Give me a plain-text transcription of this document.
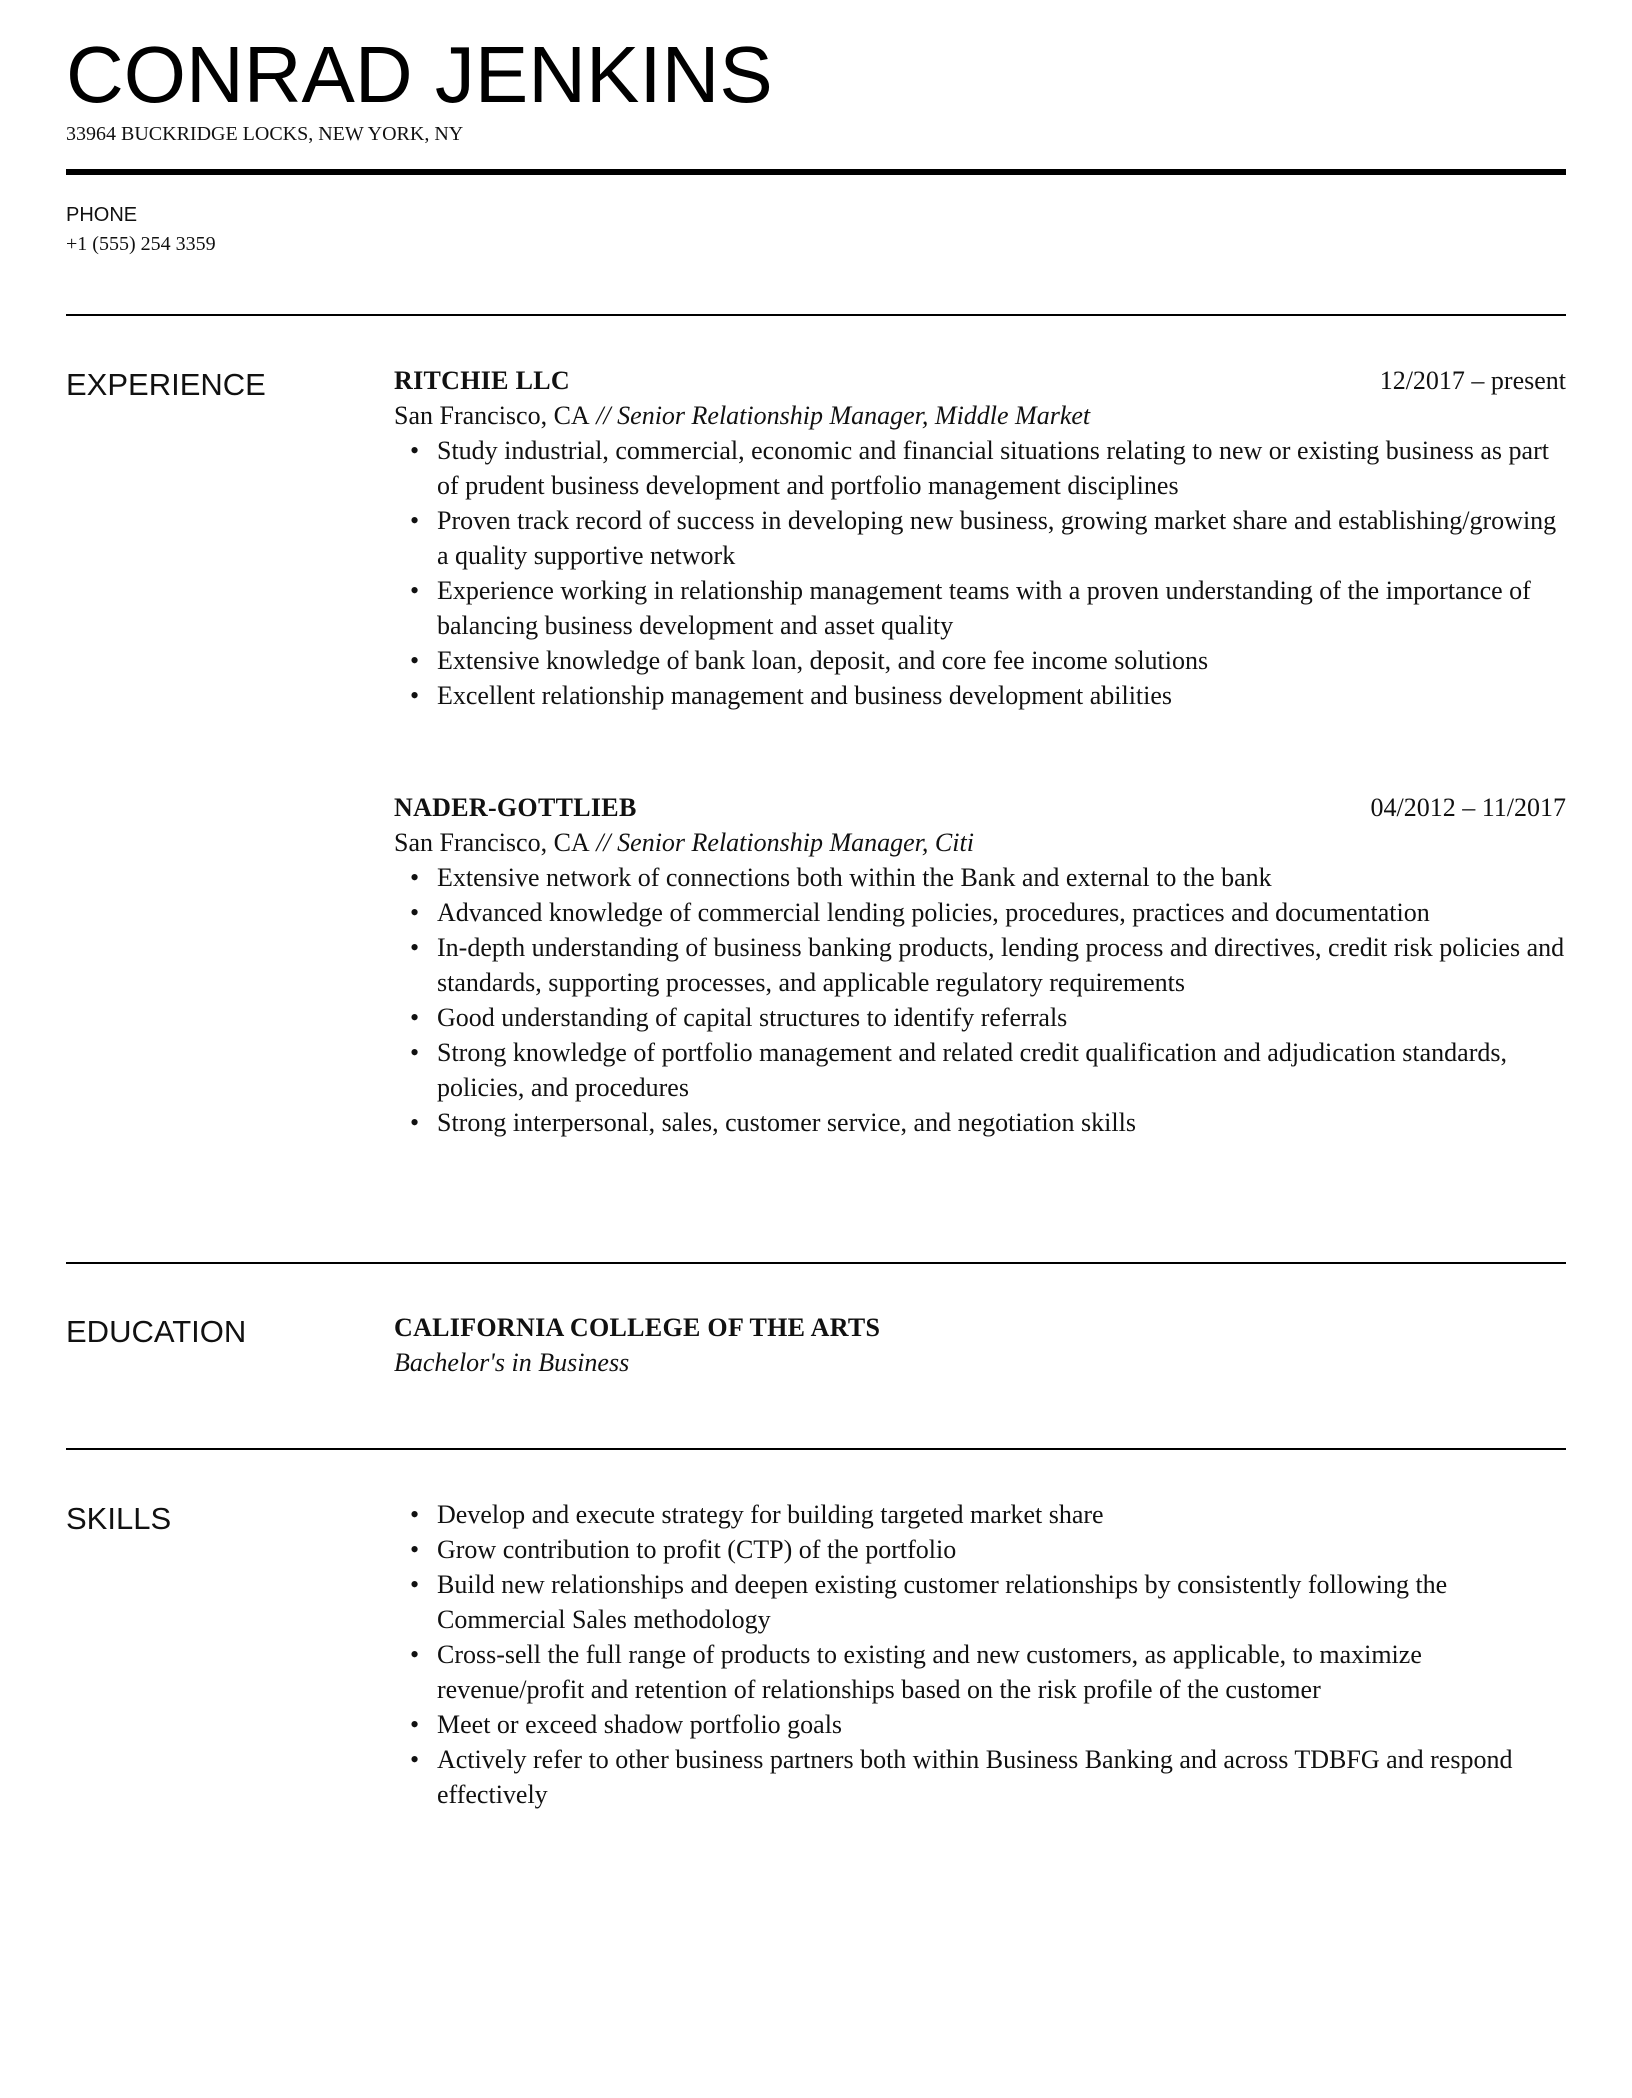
CONRAD JENKINS
33964 BUCKRIDGE LOCKS, NEW YORK, NY
PHONE
+1 (555) 254 3359
EXPERIENCE	RITCHIE LLC	12/2017 – present
San Francisco, CA // Senior Relationship Manager, Middle Market
• Study industrial, commercial, economic and financial situations relating to new or existing business as part of prudent business development and portfolio management disciplines
• Proven track record of success in developing new business, growing market share and establishing/growing a quality supportive network
• Experience working in relationship management teams with a proven understanding of the importance of balancing business development and asset quality
• Extensive knowledge of bank loan, deposit, and core fee income solutions
• Excellent relationship management and business development abilities
NADER-GOTTLIEB	04/2012 – 11/2017
San Francisco, CA // Senior Relationship Manager, Citi
• Extensive network of connections both within the Bank and external to the bank
• Advanced knowledge of commercial lending policies, procedures, practices and documentation
• In-depth understanding of business banking products, lending process and directives, credit risk policies and standards, supporting processes, and applicable regulatory requirements
• Good understanding of capital structures to identify referrals
• Strong knowledge of portfolio management and related credit qualification and adjudication standards, policies, and procedures
• Strong interpersonal, sales, customer service, and negotiation skills
EDUCATION	CALIFORNIA COLLEGE OF THE ARTS
Bachelor's in Business
SKILLS
•	Develop and execute strategy for building targeted market share
• Grow contribution to profit (CTP) of the portfolio
• Build new relationships and deepen existing customer relationships by consistently following the Commercial Sales methodology
• Cross-sell the full range of products to existing and new customers, as applicable, to maximize revenue/profit and retention of relationships based on the risk profile of the customer
• Meet or exceed shadow portfolio goals
• Actively refer to other business partners both within Business Banking and across TDBFG and respond effectively
